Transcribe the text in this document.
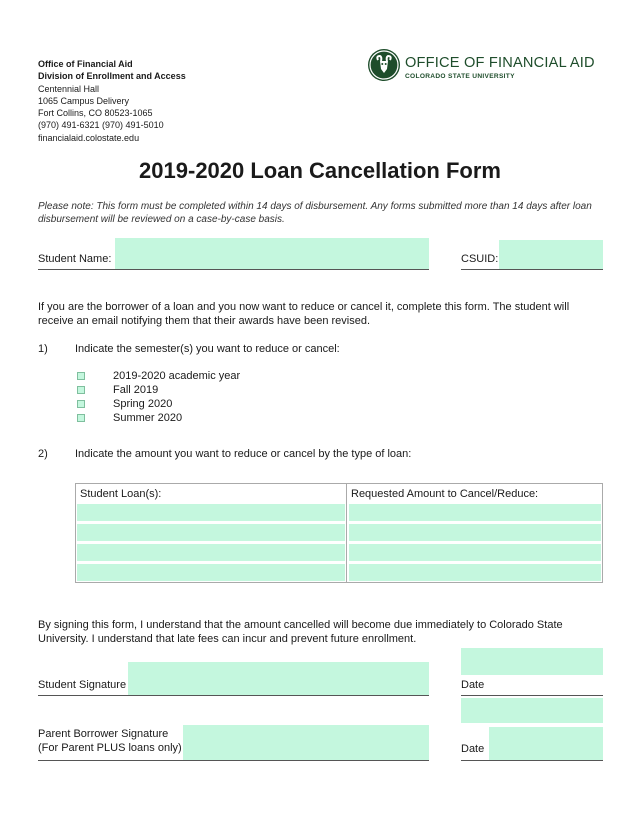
Office of Financial Aid
Division of Enrollment and Access
Centennial Hall
1065 Campus Delivery
Fort Collins, CO 80523-1065
(970) 491-6321 (970) 491-5010
financialaid.colostate.edu
OFFICE OF FINANCIAL AID
COLORADO STATE UNIVERSITY
2019-2020 Loan Cancellation Form
Please note: This form must be completed within 14 days of disbursement. Any forms submitted more than 14 days after loan disbursement will be reviewed on a case-by-case basis.
Student Name:	CSUID:
If you are the borrower of a loan and you now want to reduce or cancel it, complete this form. The student will receive an email notifying them that their awards have been revised.
1) Indicate the semester(s) you want to reduce or cancel:
2019-2020 academic year
Fall 2019
Spring 2020
Summer 2020
2) Indicate the amount you want to reduce or cancel by the type of loan:
Student Loan(s):	Requested Amount to Cancel/Reduce:
By signing this form, I understand that the amount cancelled will become due immediately to Colorado State University. I understand that late fees can incur and prevent future enrollment.
Student Signature	Date
Parent Borrower Signature
(For Parent PLUS loans only)	Date
